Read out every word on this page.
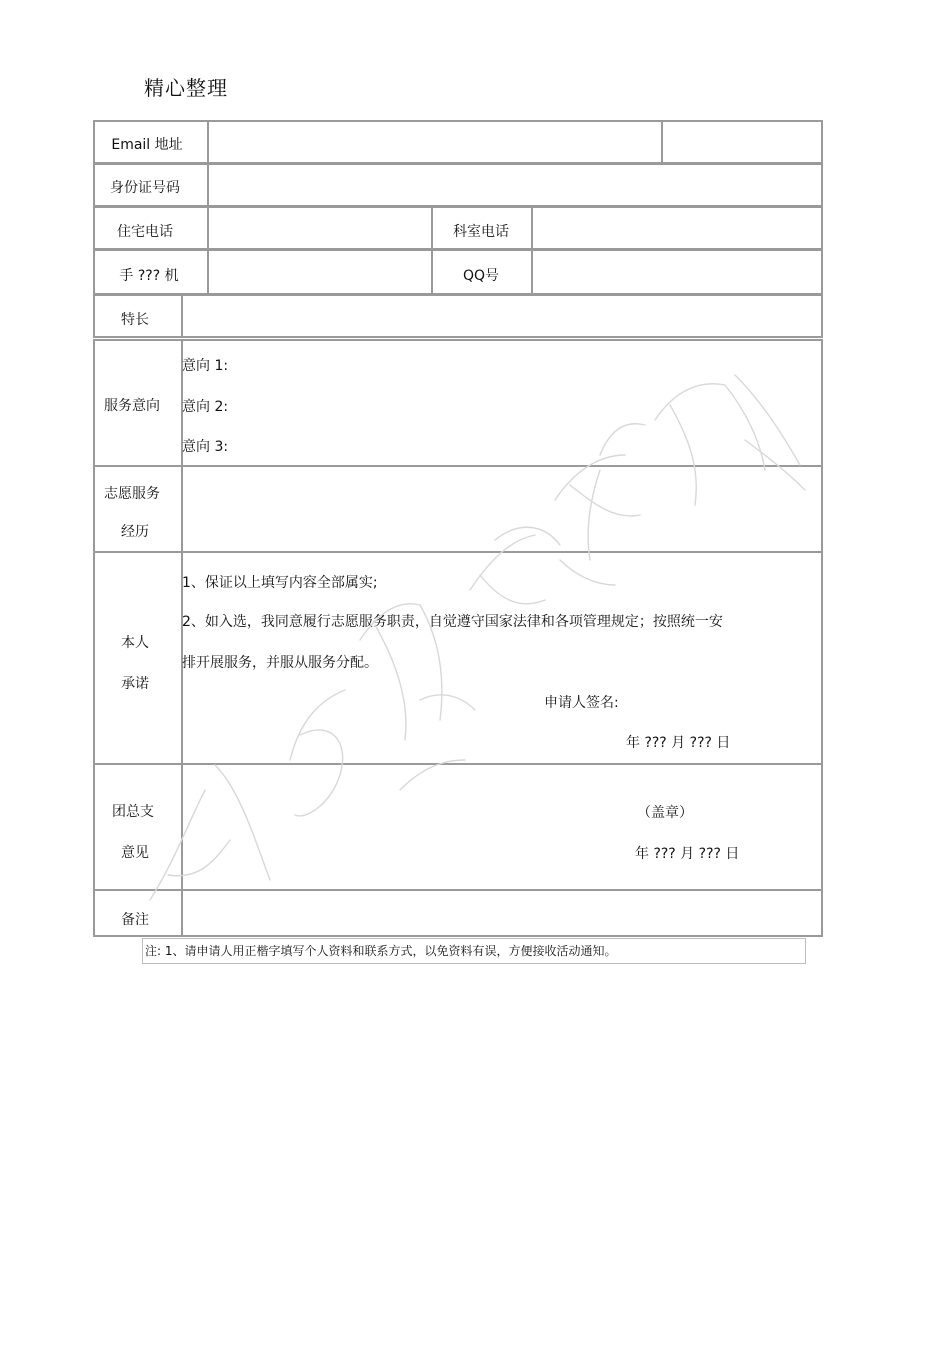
精心整理
Email 地址
身份证号码
住宅电话	科室电话
手 ??? 机	QQ号
特长
服务意向
意向 1:
意向 2:
意向 3:
志愿服务
经历
本人
承诺
1、保证以上填写内容全部属实;
2、如入选，我同意履行志愿服务职责，自觉遵守国家法律和各项管理规定；按照统一安
排开展服务，并服从服务分配。
申请人签名:
年 ??? 月 ??? 日
团总支
意见
（盖章）
年 ??? 月 ??? 日
备注
注: 1、请申请人用正楷字填写个人资料和联系方式，以免资料有误，方便接收活动通知。
